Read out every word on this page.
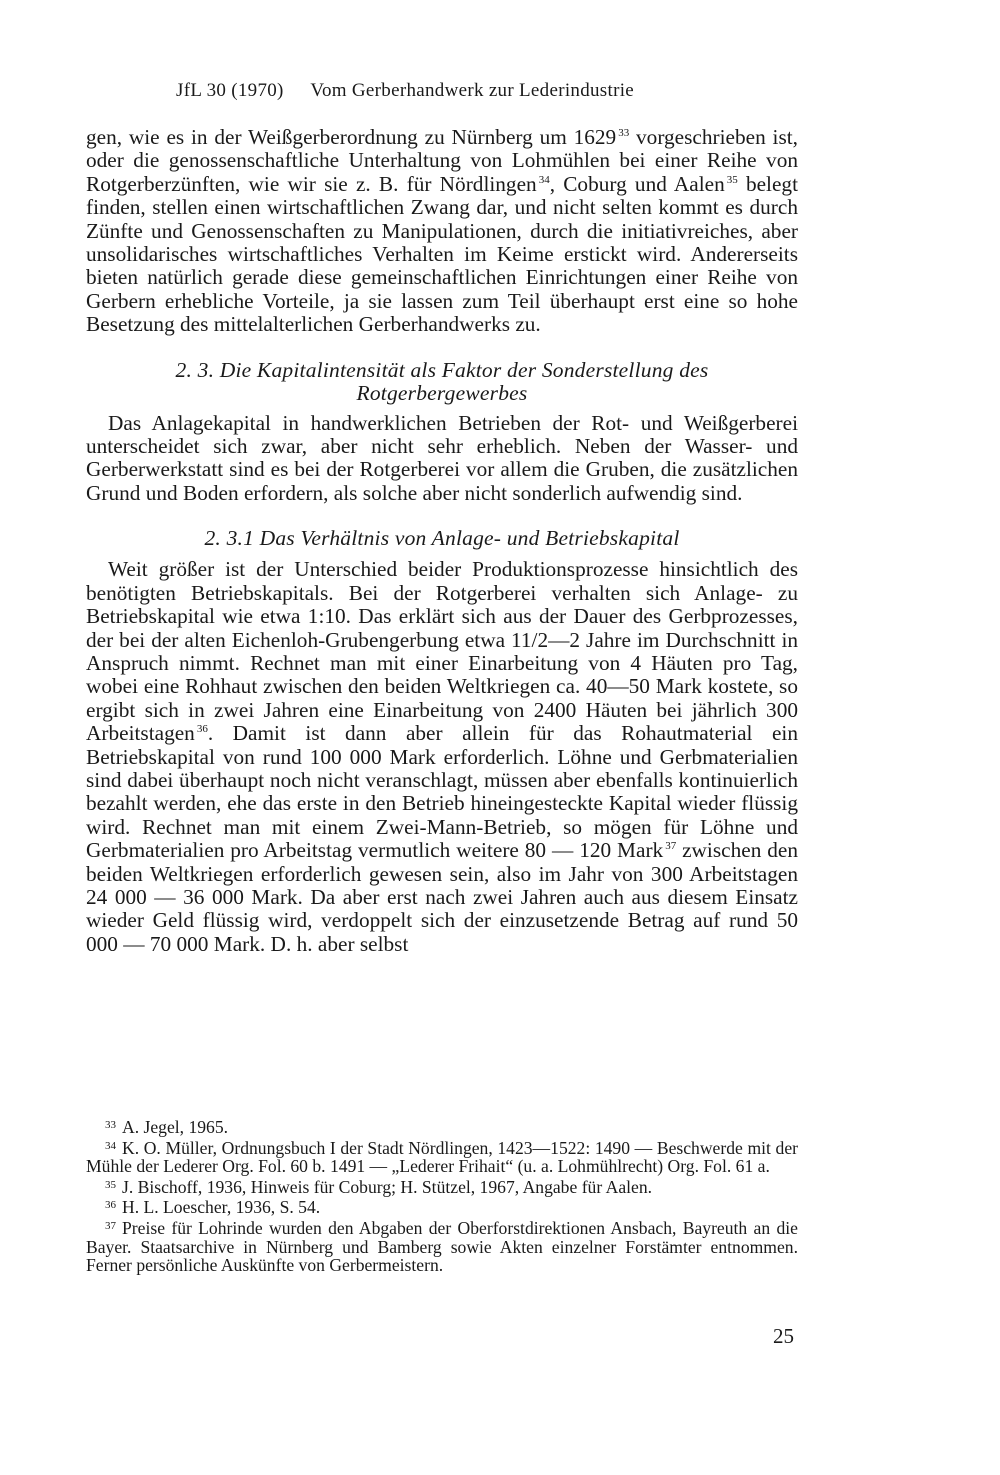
JfL 30 (1970) Vom Gerberhandwerk zur Lederindustrie

gen, wie es in der Weißgerberordnung zu Nürnberg um 1629 $^{33}$ vorgeschrieben ist, oder die genossenschaftliche Unterhaltung von Lohmühlen bei einer Reihe von Rotgerberzünften, wie wir sie z. B. für Nördlingen $^{34}$, Coburg und Aalen $^{35}$ belegt finden, stellen einen wirtschaftlichen Zwang dar, und nicht selten kommt es durch Zünfte und Genossenschaften zu Manipulationen, durch die initiativreiches, aber unsolidarisches wirtschaftliches Verhalten im Keime erstickt wird. Andererseits bieten natürlich gerade diese gemeinschaftlichen Einrichtungen einer Reihe von Gerbern erhebliche Vorteile, ja sie lassen zum Teil überhaupt erst eine so hohe Besetzung des mittelalterlichen Gerberhandwerks zu.

2. 3. Die Kapitalintensität als Faktor der Sonderstellung des
Rotgerbergewerbes

Das Anlagekapital in handwerklichen Betrieben der Rot- und Weißgerberei unterscheidet sich zwar, aber nicht sehr erheblich. Neben der Wasser- und Gerberwerkstatt sind es bei der Rotgerberei vor allem die Gruben, die zusätzlichen Grund und Boden erfordern, als solche aber nicht sonderlich aufwendig sind.

2. 3.1 Das Verhältnis von Anlage- und Betriebskapital

Weit größer ist der Unterschied beider Produktionsprozesse hinsichtlich des benötigten Betriebskapitals. Bei der Rotgerberei verhalten sich Anlage- zu Betriebskapital wie etwa 1:10. Das erklärt sich aus der Dauer des Gerbprozesses, der bei der alten Eichenloh-Grubengerbung etwa 11/2—2 Jahre im Durchschnitt in Anspruch nimmt. Rechnet man mit einer Einarbeitung von 4 Häuten pro Tag, wobei eine Rohhaut zwischen den beiden Weltkriegen ca. 40—50 Mark kostete, so ergibt sich in zwei Jahren eine Einarbeitung von 2400 Häuten bei jährlich 300 Arbeitstagen $^{36}$. Damit ist dann aber allein für das Rohautmaterial ein Betriebskapital von rund 100 000 Mark erforderlich. Löhne und Gerbmaterialien sind dabei überhaupt noch nicht veranschlagt, müssen aber ebenfalls kontinuierlich bezahlt werden, ehe das erste in den Betrieb hineingesteckte Kapital wieder flüssig wird. Rechnet man mit einem Zwei-Mann-Betrieb, so mögen für Löhne und Gerbmaterialien pro Arbeitstag vermutlich weitere 80 — 120 Mark $^{37}$ zwischen den beiden Weltkriegen erforderlich gewesen sein, also im Jahr von 300 Arbeitstagen 24 000 — 36 000 Mark. Da aber erst nach zwei Jahren auch aus diesem Einsatz wieder Geld flüssig wird, verdoppelt sich der einzusetzende Betrag auf rund 50 000 — 70 000 Mark. D. h. aber selbst

$^{33}$ A. Jegel, 1965.

$^{34}$ K. O. Müller, Ordnungsbuch I der Stadt Nördlingen, 1423—1522: 1490 — Beschwerde mit der Mühle der Lederer Org. Fol. 60 b. 1491 — „Lederer Frihait“ (u. a. Lohmühlrecht) Org. Fol. 61 a.

$^{35}$ J. Bischoff, 1936, Hinweis für Coburg; H. Stützel, 1967, Angabe für Aalen.

$^{36}$ H. L. Loescher, 1936, S. 54.

$^{37}$ Preise für Lohrinde wurden den Abgaben der Oberforstdirektionen Ansbach, Bayreuth an die Bayer. Staatsarchive in Nürnberg und Bamberg sowie Akten einzelner Forstämter entnommen. Ferner persönliche Auskünfte von Gerbermeistern.

25
